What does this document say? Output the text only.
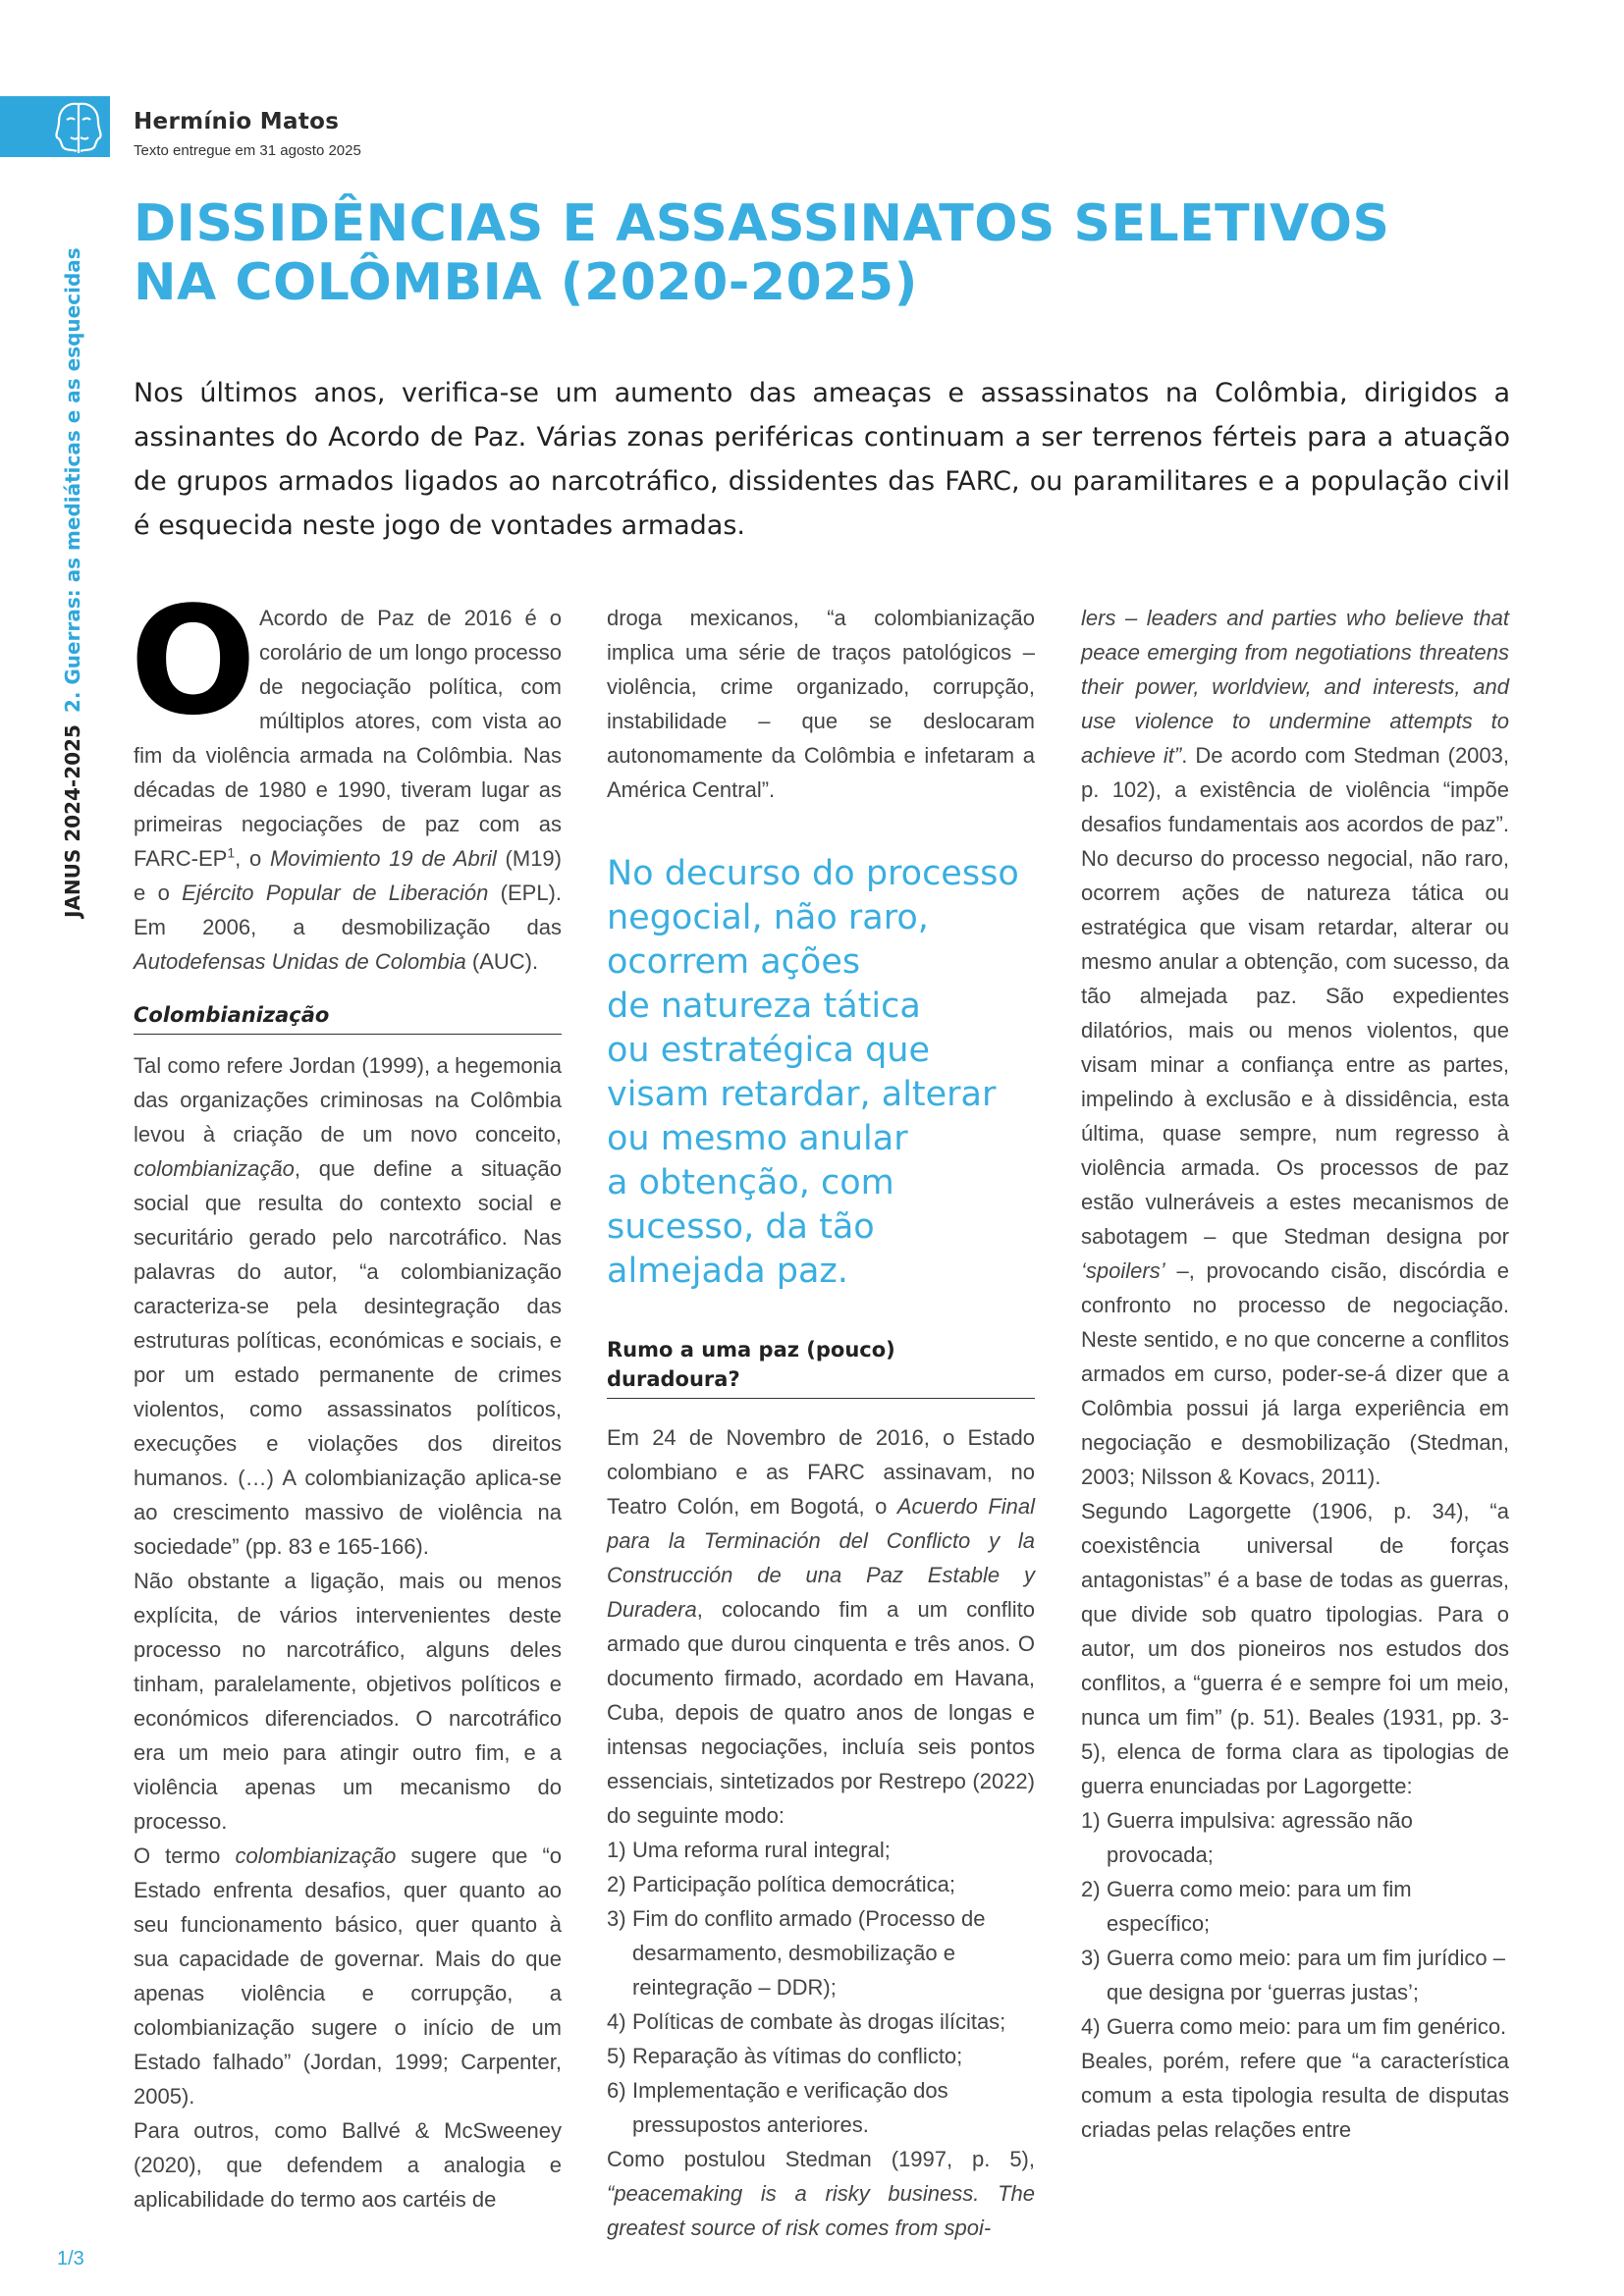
Hermínio Matos
Texto entregue em 31 agosto 2025
JANUS 2024-20252. Guerras: as mediáticas e as esquecidas
DISSIDÊNCIAS E ASSASSINATOS SELETIVOS
NA COLÔMBIA (2020-2025)

Nos últimos anos, verifica-se um aumento das ameaças e assassinatos na Colômbia, dirigidos a assinantes do Acordo de Paz. Várias zonas periféricas continuam a ser terrenos férteis para a atuação de grupos armados ligados ao narcotráfico, dissidentes das FARC, ou paramilitares e a população civil é esquecida neste jogo de vontades armadas.

O Acordo de Paz de 2016 é o corolário de um longo processo de negociação política, com múltiplos atores, com vista ao fim da violência armada na Colômbia. Nas décadas de 1980 e 1990, tiveram lugar as primeiras negociações de paz com as FARC-$EP^1$, o Movimiento 19 de Abril (M19) e o Ejército Popular de Liberación (EPL). Em 2006, a desmobilização das Autodefensas Unidas de Colombia (AUC).

Colombianização

Tal como refere Jordan (1999), a hegemonia das organizações criminosas na Colômbia levou à criação de um novo conceito, colombianização, que define a situação social que resulta do contexto social e securitário gerado pelo narcotráfico. Nas palavras do autor, “a colombianização caracteriza-se pela desintegração das estruturas políticas, económicas e sociais, e por um estado permanente de crimes violentos, como assassinatos políticos, execuções e violações dos direitos humanos. (…) A colombianização aplica-se ao crescimento massivo de violência na sociedade” (pp. 83 e 165-166).

Não obstante a ligação, mais ou menos explícita, de vários intervenientes deste processo no narcotráfico, alguns deles tinham, paralelamente, objetivos políticos e económicos diferenciados. O narcotráfico era um meio para atingir outro fim, e a violência apenas um mecanismo do processo.

O termo colombianização sugere que “o Estado enfrenta desafios, quer quanto ao seu funcionamento básico, quer quanto à sua capacidade de governar. Mais do que apenas violência e corrupção, a colombianização sugere o início de um Estado falhado” (Jordan, 1999; Carpenter, 2005).

Para outros, como Ballvé & McSweeney (2020), que defendem a analogia e aplicabilidade do termo aos cartéis de

droga mexicanos, “a colombianização implica uma série de traços patológicos – violência, crime organizado, corrupção, instabilidade – que se deslocaram autonomamente da Colômbia e infetaram a América Central”.

No decurso do processo
negocial, não raro,
ocorrem ações
de natureza tática
ou estratégica que
visam retardar, alterar
ou mesmo anular
a obtenção, com
sucesso, da tão
almejada paz.
Rumo a uma paz (pouco) duradoura?

Em 24 de Novembro de 2016, o Estado colombiano e as FARC assinavam, no Teatro Colón, em Bogotá, o Acuerdo Final para la Terminación del Conflicto y la Construcción de una Paz Estable y Duradera, colocando fim a um conflito armado que durou cinquenta e três anos. O documento firmado, acordado em Havana, Cuba, depois de quatro anos de longas e intensas negociações, incluía seis pontos essenciais, sintetizados por Restrepo (2022) do seguinte modo:

1) Uma reforma rural integral;
2) Participação política democrática;
3) Fim do conflito armado (Processo de desarmamento, desmobilização e reintegração – DDR);
4) Políticas de combate às drogas ilícitas;
5) Reparação às vítimas do conflicto;
6) Implementação e verificação dos pressupostos anteriores.

Como postulou Stedman (1997, p. 5), “peacemaking is a risky business. The greatest source of risk comes from spoi-

lers – leaders and parties who believe that peace emerging from negotiations threatens their power, worldview, and interests, and use violence to undermine attempts to achieve it”. De acordo com Stedman (2003, p. 102), a existência de violência “impõe desafios fundamentais aos acordos de paz”. No decurso do processo negocial, não raro, ocorrem ações de natureza tática ou estratégica que visam retardar, alterar ou mesmo anular a obtenção, com sucesso, da tão almejada paz. São expedientes dilatórios, mais ou menos violentos, que visam minar a confiança entre as partes, impelindo à exclusão e à dissidência, esta última, quase sempre, num regresso à violência armada. Os processos de paz estão vulneráveis a estes mecanismos de sabotagem – que Stedman designa por ‘spoilers’ –, provocando cisão, discórdia e confronto no processo de negociação. Neste sentido, e no que concerne a conflitos armados em curso, poder-se-á dizer que a Colômbia possui já larga experiência em negociação e desmobilização (Stedman, 2003; Nilsson & Kovacs, 2011).

Segundo Lagorgette (1906, p. 34), “a coexistência universal de forças antagonistas” é a base de todas as guerras, que divide sob quatro tipologias. Para o autor, um dos pioneiros nos estudos dos conflitos, a “guerra é e sempre foi um meio, nunca um fim” (p. 51). Beales (1931, pp. 3-5), elenca de forma clara as tipologias de guerra enunciadas por Lagorgette:

1) Guerra impulsiva: agressão não provocada;
2) Guerra como meio: para um fim específico;
3) Guerra como meio: para um fim jurídico – que designa por ‘guerras justas’;
4) Guerra como meio: para um fim genérico.

Beales, porém, refere que “a característica comum a esta tipologia resulta de disputas criadas pelas relações entre

1/3
